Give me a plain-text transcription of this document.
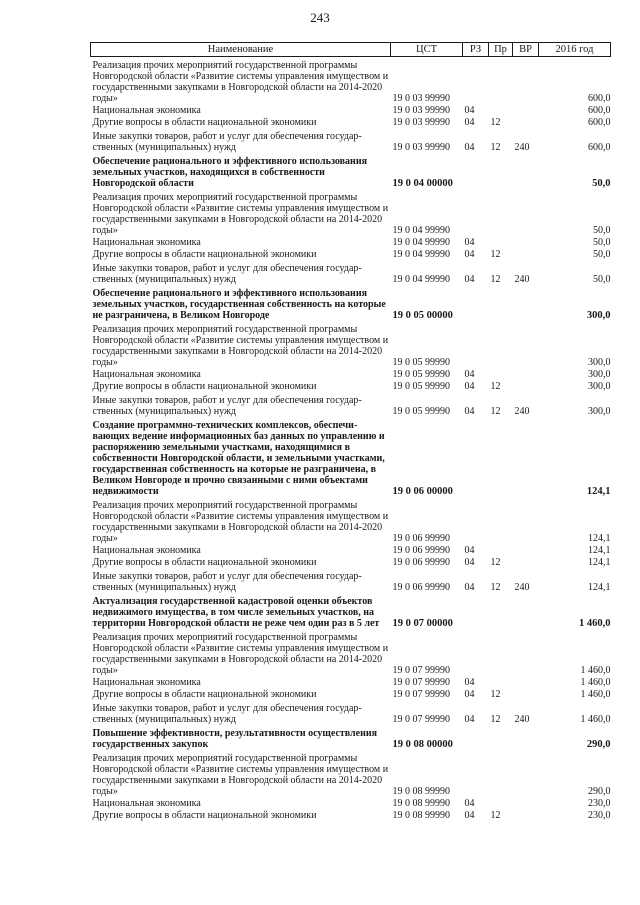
243
Наименование	ЦСТ	РЗ	Пр	ВР	2016 год
Реализация прочих мероприятий государственной программы Новгородской области «Развитие системы управления имуществом и государственными закупками в Новгородской области на 2014-2020 годы»	19 0 03 99990				600,0
Национальная экономика	19 0 03 99990	04			600,0
Другие вопросы в области национальной экономики	19 0 03 99990	04	12		600,0
Иные закупки товаров, работ и услуг для обеспечения государственных (муниципальных) нужд	19 0 03 99990	04	12	240	600,0
Обеспечение рационального и эффективного использования земельных участков, находящихся в собственности Новгородской области	19 0 04 00000				50,0
Реализация прочих мероприятий государственной программы Новгородской области «Развитие системы управления имуществом и государственными закупками в Новгородской области на 2014-2020 годы»	19 0 04 99990				50,0
Национальная экономика	19 0 04 99990	04			50,0
Другие вопросы в области национальной экономики	19 0 04 99990	04	12		50,0
Иные закупки товаров, работ и услуг для обеспечения государственных (муниципальных) нужд	19 0 04 99990	04	12	240	50,0
Обеспечение рационального и эффективного использования земельных участков, государственная собственность на которые не разграничена, в Великом Новгороде	19 0 05 00000				300,0
Реализация прочих мероприятий государственной программы Новгородской области «Развитие системы управления имуществом и государственными закупками в Новгородской области на 2014-2020 годы»	19 0 05 99990				300,0
Национальная экономика	19 0 05 99990	04			300,0
Другие вопросы в области национальной экономики	19 0 05 99990	04	12		300,0
Иные закупки товаров, работ и услуг для обеспечения государственных (муниципальных) нужд	19 0 05 99990	04	12	240	300,0
Создание программно-технических комплексов, обеспечивающих ведение информационных баз данных по управлению и распоряжению земельными участками, находящимися в собственности Новгородской области, и земельными участками, государственная собственность на которые не разграничена, в Великом Новгороде и прочно связанными с ними объектами недвижимости	19 0 06 00000				124,1
Реализация прочих мероприятий государственной программы Новгородской области «Развитие системы управления имуществом и государственными закупками в Новгородской области на 2014-2020 годы»	19 0 06 99990				124,1
Национальная экономика	19 0 06 99990	04			124,1
Другие вопросы в области национальной экономики	19 0 06 99990	04	12		124,1
Иные закупки товаров, работ и услуг для обеспечения государственных (муниципальных) нужд	19 0 06 99990	04	12	240	124,1
Актуализация государственной кадастровой оценки объектов недвижимого имущества, в том числе земельных участков, на территории Новгородской области не реже чем один раз в 5 лет	19 0 07 00000				1 460,0
Реализация прочих мероприятий государственной программы Новгородской области «Развитие системы управления имуществом и государственными закупками в Новгородской области на 2014-2020 годы»	19 0 07 99990				1 460,0
Национальная экономика	19 0 07 99990	04			1 460,0
Другие вопросы в области национальной экономики	19 0 07 99990	04	12		1 460,0
Иные закупки товаров, работ и услуг для обеспечения государственных (муниципальных) нужд	19 0 07 99990	04	12	240	1 460,0
Повышение эффективности, результативности осуществления государственных закупок	19 0 08 00000				290,0
Реализация прочих мероприятий государственной программы Новгородской области «Развитие системы управления имуществом и государственными закупками в Новгородской области на 2014-2020 годы»	19 0 08 99990				290,0
Национальная экономика	19 0 08 99990	04			230,0
Другие вопросы в области национальной экономики	19 0 08 99990	04	12		230,0
